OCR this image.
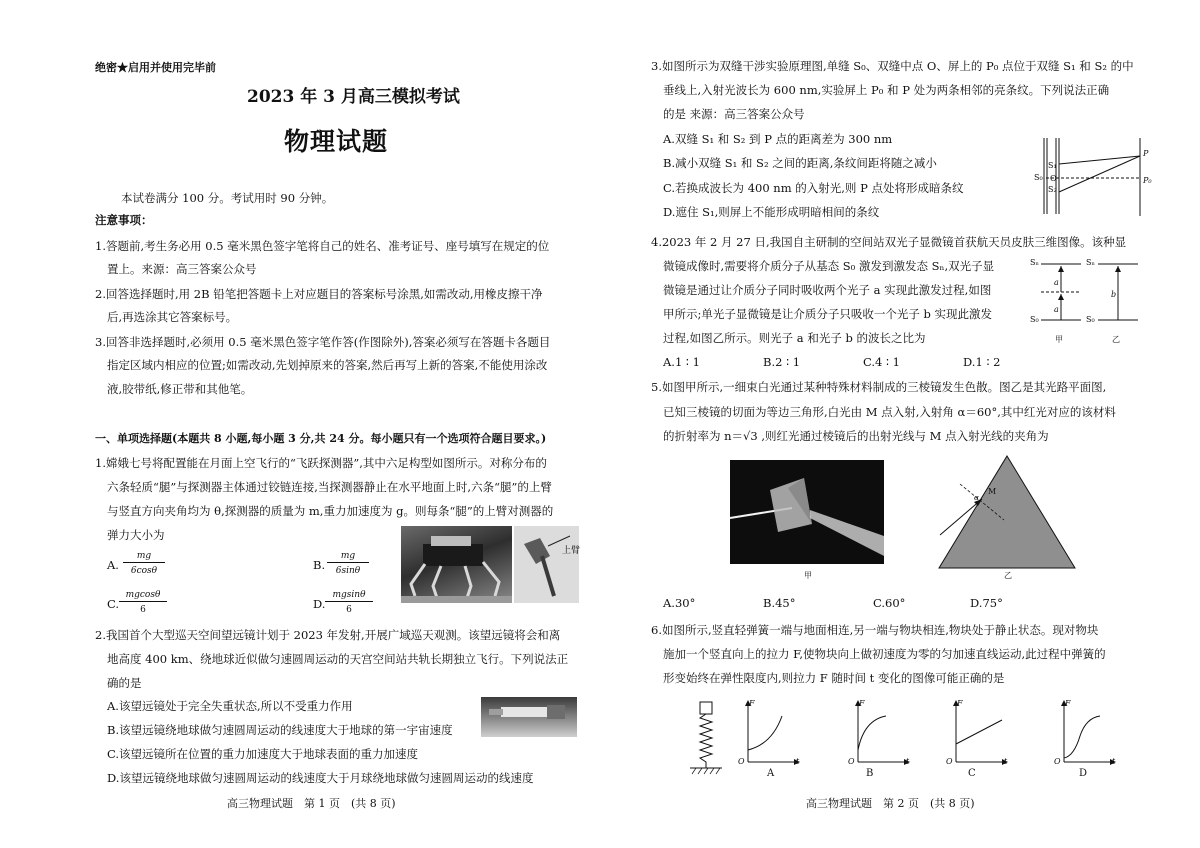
绝密★启用并使用完毕前
2023 年 3 月高三模拟考试
物理试题
本试卷满分 100 分。考试用时 90 分钟。
注意事项：
1.答题前,考生务必用 0.5 毫米黑色签字笔将自己的姓名、准考证号、座号填写在规定的位
置上。来源：高三答案公众号
2.回答选择题时,用 2B 铅笔把答题卡上对应题目的答案标号涂黑,如需改动,用橡皮擦干净
后,再选涂其它答案标号。
3.回答非选择题时,必须用 0.5 毫米黑色签字笔作答(作图除外),答案必须写在答题卡各题目
指定区域内相应的位置;如需改动,先划掉原来的答案,然后再写上新的答案,不能使用涂改
液,胶带纸,修正带和其他笔。
一、单项选择题(本题共 8 小题,每小题 3 分,共 24 分。每小题只有一个选项符合题目要求。)
1.嫦娥七号将配置能在月面上空飞行的“飞跃探测器”,其中六足构型如图所示。对称分布的
六条轻质“腿”与探测器主体通过铰链连接,当探测器静止在水平地面上时,六条“腿”的上臂
与竖直方向夹角均为 θ,探测器的质量为 m,重力加速度为 g。则每条“腿”的上臂对测器的
弹力大小为
A.
mg
6cosθ	B.
mg
6sinθ
C.
mgcosθ
6	D.
mgsinθ
6
上臂
2.我国首个大型巡天空间望远镜计划于 2023 年发射,开展广域巡天观测。该望远镜将会和离
地高度 400 km、绕地球近似做匀速圆周运动的天宫空间站共轨长期独立飞行。下列说法正
确的是
A.该望远镜处于完全失重状态,所以不受重力作用
B.该望远镜绕地球做匀速圆周运动的线速度大于地球的第一宇宙速度
C.该望远镜所在位置的重力加速度大于地球表面的重力加速度
D.该望远镜绕地球做匀速圆周运动的线速度大于月球绕地球做匀速圆周运动的线速度
高三物理试题　第 1 页　(共 8 页)
3.如图所示为双缝干涉实验原理图,单缝 S₀、双缝中点 O、屏上的 P₀ 点位于双缝 S₁ 和 S₂ 的中
垂线上,入射光波长为 600 nm,实验屏上 P₀ 和 P 处为两条相邻的亮条纹。下列说法正确
的是 来源：高三答案公众号
A.双缝 S₁ 和 S₂ 到 P 点的距离差为 300 nm
B.减小双缝 S₁ 和 S₂ 之间的距离,条纹间距将随之减小
C.若换成波长为 400 nm 的入射光,则 P 点处将形成暗条纹
D.遮住 S₁,则屏上不能形成明暗相间的条纹
S₁
S₀ O
S₂
P
P₀
4.2023 年 2 月 27 日,我国自主研制的空间站双光子显微镜首获航天员皮肤三维图像。该种显
微镜成像时,需要将介质分子从基态 S₀ 激发到激发态 Sₙ,双光子显
微镜是通过让介质分子同时吸收两个光子 a 实现此激发过程,如图
甲所示;单光子显微镜是让介质分子只吸收一个光子 b 实现此激发
过程,如图乙所示。则光子 a 和光子 b 的波长之比为
A.1 ∶ 1	B.2 ∶ 1	C.4 ∶ 1	D.1 ∶ 2
Sₙ
S₀
Sₙ
S₀
a
a
b
甲	乙
5.如图甲所示,一细束白光通过某种特殊材料制成的三棱镜发生色散。图乙是其光路平面图,
已知三棱镜的切面为等边三角形,白光由 M 点入射,入射角 α＝60°,其中红光对应的该材料
的折射率为 n＝√3 ,则红光通过棱镜后的出射光线与 M 点入射光线的夹角为
甲
M
α
乙
A.30°	B.45°	C.60°	D.75°
6.如图所示,竖直轻弹簧一端与地面相连,另一端与物块相连,物块处于静止状态。现对物块
施加一个竖直向上的拉力 F,使物块向上做初速度为零的匀加速直线运动,此过程中弹簧的
形变始终在弹性限度内,则拉力 F 随时间 t 变化的图像可能正确的是
F	F	F	F
O	O	O	O
t	t	t	t
A	B	C	D
高三物理试题　第 2 页　(共 8 页)
